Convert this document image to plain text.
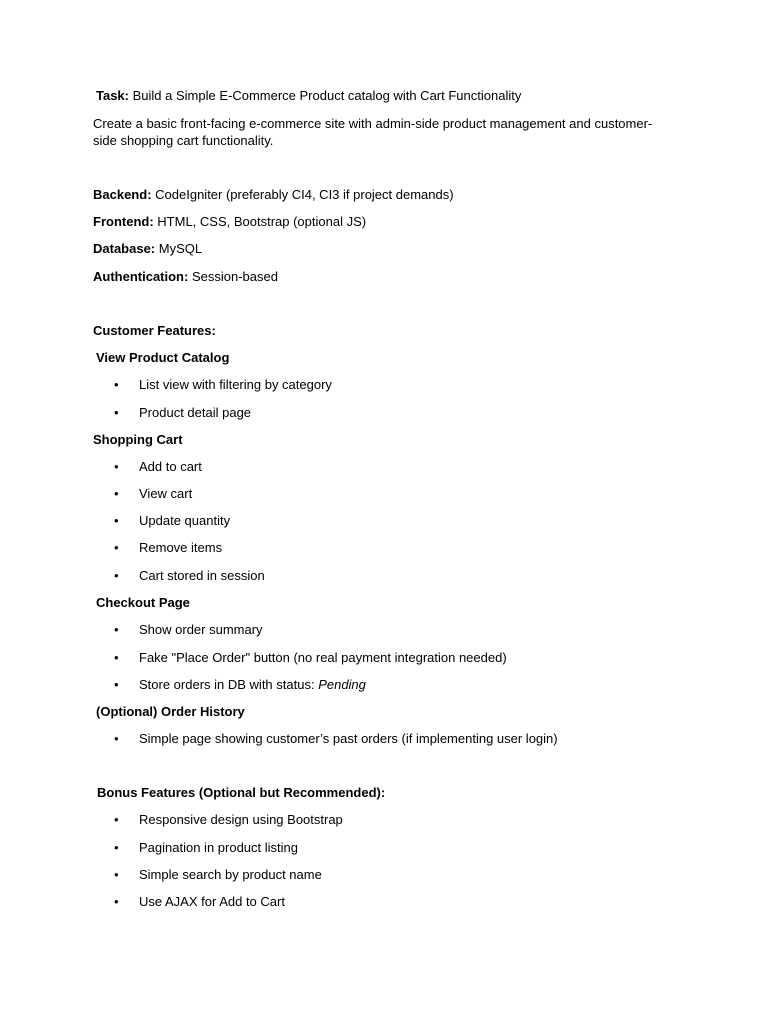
Task: Build a Simple E-Commerce Product catalog with Cart Functionality
Create a basic front-facing e-commerce site with admin-side product management and customer-side shopping cart functionality.
Backend: CodeIgniter (preferably CI4, CI3 if project demands)
Frontend: HTML, CSS, Bootstrap (optional JS)
Database: MySQL
Authentication: Session-based
Customer Features:
View Product Catalog
•
List view with filtering by category
•
Product detail page
Shopping Cart
•
Add to cart
•
View cart
•
Update quantity
•
Remove items
•
Cart stored in session
Checkout Page
•
Show order summary
•
Fake "Place Order" button (no real payment integration needed)
•
Store orders in DB with status: Pending
(Optional) Order History
•
Simple page showing customer’s past orders (if implementing user login)
Bonus Features (Optional but Recommended):
•
Responsive design using Bootstrap
•
Pagination in product listing
•
Simple search by product name
•
Use AJAX for Add to Cart
